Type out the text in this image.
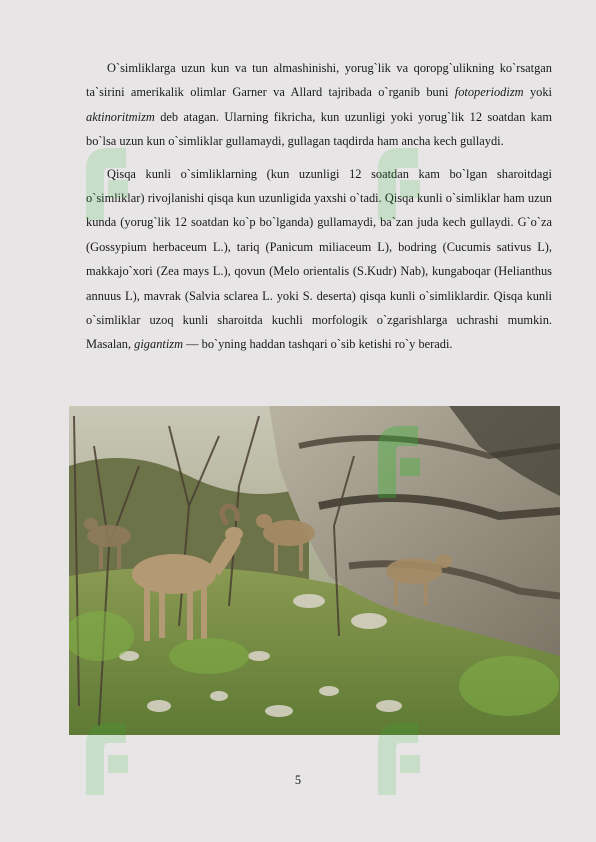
O`simliklarga uzun kun va tun almashinishi, yorug`lik va qoropg`ulikning ko`rsatgan ta`sirini amerikalik olimlar Garner va Allard tajribada o`rganib buni fotoperiodizm yoki aktinoritmizm deb atagan. Ularning fikricha, kun uzunligi yoki yorug`lik 12 soatdan kam bo`lsa uzun kun o`simliklar gullamaydi, gullagan taqdirda ham ancha kech gullaydi.

Qisqa kunli o`simliklarning (kun uzunligi 12 soatdan kam bo`lgan sharoitdagi o`simliklar) rivojlanishi qisqa kun uzunligida yaxshi o`tadi. Qisqa kunli o`simliklar ham uzun kunda (yorug`lik 12 soatdan ko`p bo`lganda) gullamaydi, ba`zan juda kech gullaydi. G`o`za (Gossypium herbaceum L.), tariq (Panicum miliaceum L), bodring (Cucumis sativus L), makkajo`xori (Zea mays L.), qovun (Melo orientalis (S.Kudr) Nab), kungaboqar (Helianthus annuus L), mavrak (Salvia sclarea L. yoki S. deserta) qisqa kunli o`simliklardir. Qisqa kunli o`simliklar uzoq kunli sharoitda kuchli morfologik o`zgarishlarga uchrashi mumkin. Masalan, gigantizm — bo`yning haddan tashqari o`sib ketishi ro`y beradi.

5
